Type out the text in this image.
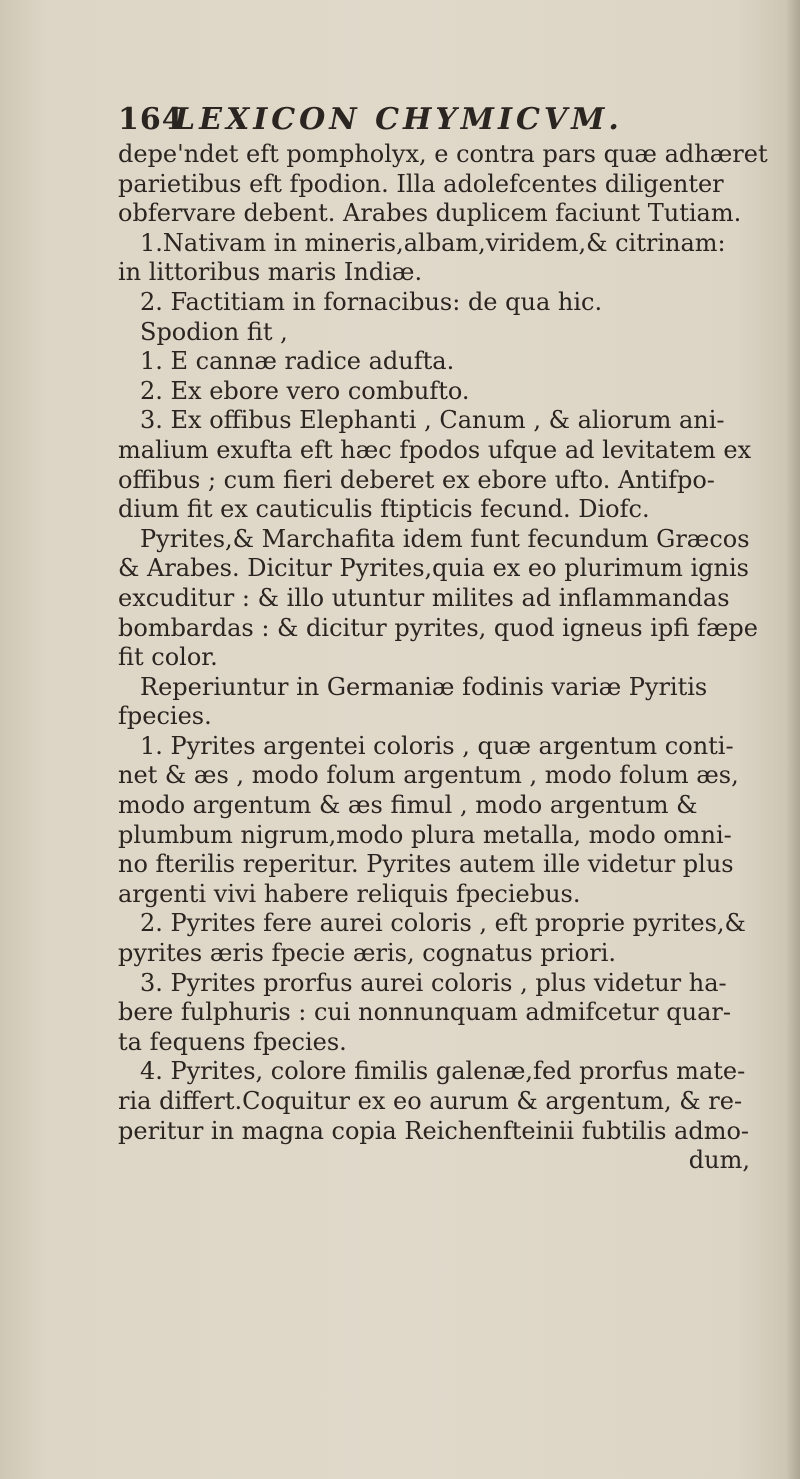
164
LEXICON CHYMICVM.
depe'ndet eft pompholyx, e contra pars quæ adhæret
parietibus eft fpodion. Illa adolefcentes diligenter
obfervare debent. Arabes duplicem faciunt Tutiam.
1.Nativam in mineris,albam,viridem,& citrinam:
in littoribus maris Indiæ.
2. Factitiam in fornacibus: de qua hic.
Spodion fit ,
1. E cannæ radice adufta.
2. Ex ebore vero combufto.
3. Ex offibus Elephanti , Canum , & aliorum ani-
malium exufta eft hæc fpodos ufque ad levitatem ex
offibus ; cum fieri deberet ex ebore ufto. Antifpo-
dium fit ex cauticulis ftipticis fecund. Diofc.
Pyrites,& Marchafita idem funt fecundum Græcos
& Arabes. Dicitur Pyrites,quia ex eo plurimum ignis
excuditur : & illo utuntur milites ad inflammandas
bombardas : & dicitur pyrites, quod igneus ipfi fæpe
fit color.
Reperiuntur in Germaniæ fodinis variæ Pyritis
fpecies.
1. Pyrites argentei coloris , quæ argentum conti-
net & æs , modo folum argentum , modo folum æs,
modo argentum & æs fimul , modo argentum &
plumbum nigrum,modo plura metalla, modo omni-
no fterilis reperitur. Pyrites autem ille videtur plus
argenti vivi habere reliquis fpeciebus.
2. Pyrites fere aurei coloris , eft proprie pyrites,&
pyrites æris fpecie æris, cognatus priori.
3. Pyrites prorfus aurei coloris , plus videtur ha-
bere fulphuris : cui nonnunquam admifcetur quar-
ta fequens fpecies.
4. Pyrites, colore fimilis galenæ,fed prorfus mate-
ria differt.Coquitur ex eo aurum & argentum, & re-
peritur in magna copia Reichenfteinii fubtilis admo-
dum,
